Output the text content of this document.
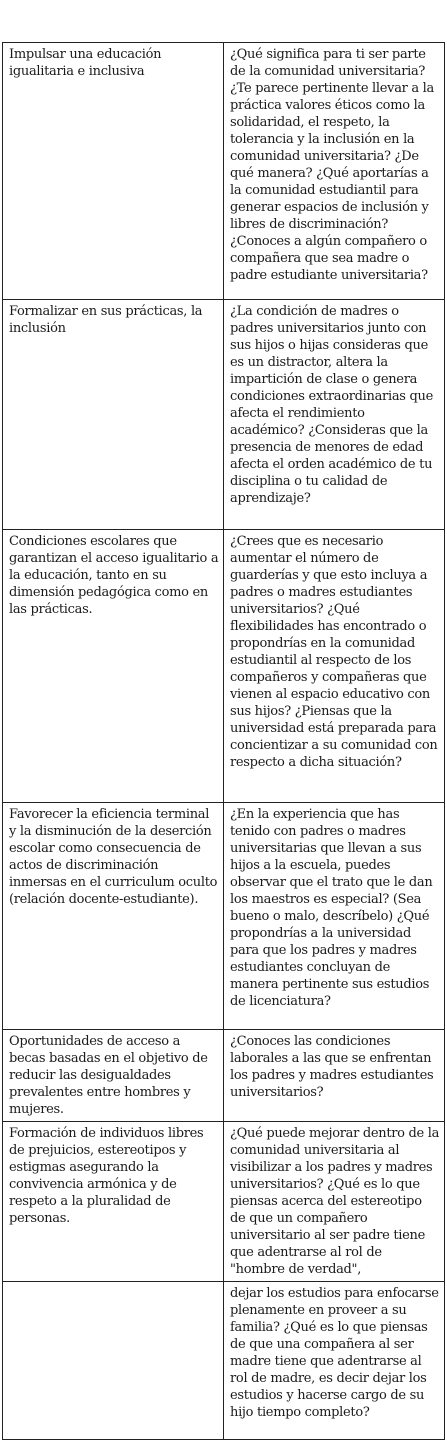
Impulsar una educación igualitaria e inclusiva	¿Qué significa para ti ser parte de la comunidad universitaria? ¿Te parece pertinente llevar a la práctica valores éticos como la solidaridad, el respeto, la tolerancia y la inclusión en la comunidad universitaria? ¿De qué manera? ¿Qué aportarías a la comunidad estudiantil para generar espacios de inclusión y libres de discriminación? ¿Conoces a algún compañero o compañera que sea madre o padre estudiante universitaria?
Formalizar en sus prácticas, la inclusión	¿La condición de madres o padres universitarios junto con sus hijos o hijas consideras que es un distractor, altera la impartición de clase o genera condiciones extraordinarias que afecta el rendimiento académico? ¿Consideras que la presencia de menores de edad afecta el orden académico de tu disciplina o tu calidad de aprendizaje?
Condiciones escolares que garantizan el acceso igualitario a la educación, tanto en su dimensión pedagógica como en las prácticas.	¿Crees que es necesario aumentar el número de guarderías y que esto incluya a padres o madres estudiantes universitarios? ¿Qué flexibilidades has encontrado o propondrías en la comunidad estudiantil al respecto de los compañeros y compañeras que vienen al espacio educativo con sus hijos? ¿Piensas que la universidad está preparada para concientizar a su comunidad con respecto a dicha situación?
Favorecer la eficiencia terminal y la disminución de la deserción escolar como consecuencia de actos de discriminación inmersas en el curriculum oculto (relación docente-estudiante).	¿En la experiencia que has tenido con padres o madres universitarias que llevan a sus hijos a la escuela, puedes observar que el trato que le dan los maestros es especial? (Sea bueno o malo, descríbelo) ¿Qué propondrías a la universidad para que los padres y madres estudiantes concluyan de manera pertinente sus estudios de licenciatura?
Oportunidades de acceso a becas basadas en el objetivo de reducir las desigualdades prevalentes entre hombres y mujeres.	¿Conoces las condiciones laborales a las que se enfrentan los padres y madres estudiantes universitarios?
Formación de individuos libres de prejuicios, estereotipos y estigmas asegurando la convivencia armónica y de respeto a la pluralidad de personas.	¿Qué puede mejorar dentro de la comunidad universitaria al visibilizar a los padres y madres universitarios? ¿Qué es lo que piensas acerca del estereotipo de que un compañero universitario al ser padre tiene que adentrarse al rol de "hombre de verdad",
	dejar los estudios para enfocarse plenamente en proveer a su familia? ¿Qué es lo que piensas de que una compañera al ser madre tiene que adentrarse al rol de madre, es decir dejar los estudios y hacerse cargo de su hijo tiempo completo?
